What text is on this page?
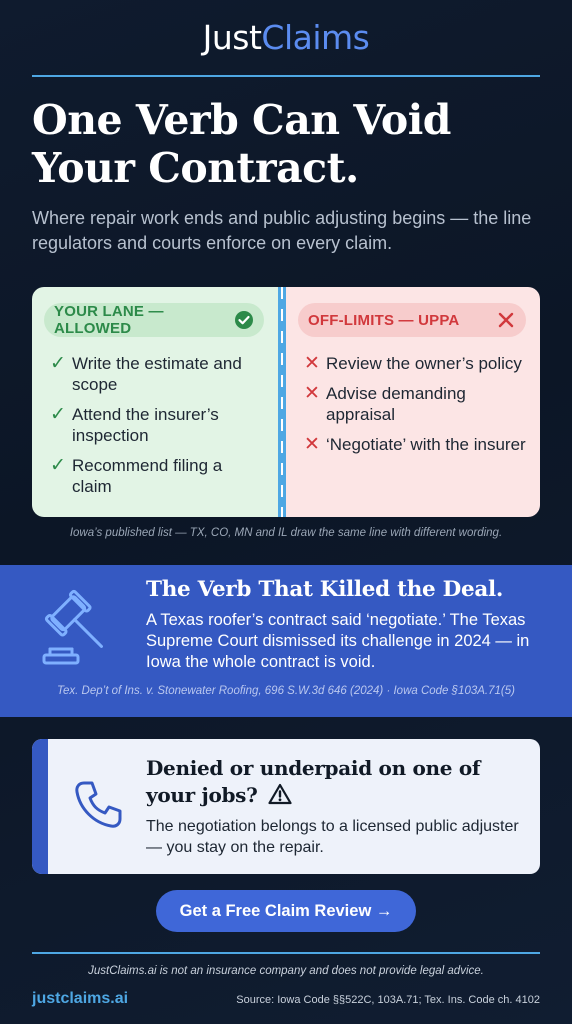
JustClaims
One Verb Can Void Your Contract.

Where repair work ends and public adjusting begins — the line regulators and courts enforce on every claim.

YOUR LANE — ALLOWED
✓ Write the estimate and scope
✓ Attend the insurer’s inspection
✓ Recommend filing a claim
OFF-LIMITS — UPPA
✕ Review the owner’s policy
✕ Advise demanding appraisal
✕ ‘Negotiate’ with the insurer

Iowa’s published list — TX, CO, MN and IL draw the same line with different wording.

The Verb That Killed the Deal.

A Texas roofer’s contract said ‘negotiate.’ The Texas Supreme Court dismissed its challenge in 2024 — in Iowa the whole contract is void.

Tex. Dep’t of Ins. v. Stonewater Roofing, 696 S.W.3d 646 (2024) · Iowa Code §103A.71(5)

Denied or underpaid on one of your jobs?

The negotiation belongs to a licensed public adjuster — you stay on the repair.

Get a Free Claim Review →

JustClaims.ai is not an insurance company and does not provide legal advice.

justclaims.ai	Source: Iowa Code §§522C, 103A.71; Tex. Ins. Code ch. 4102
